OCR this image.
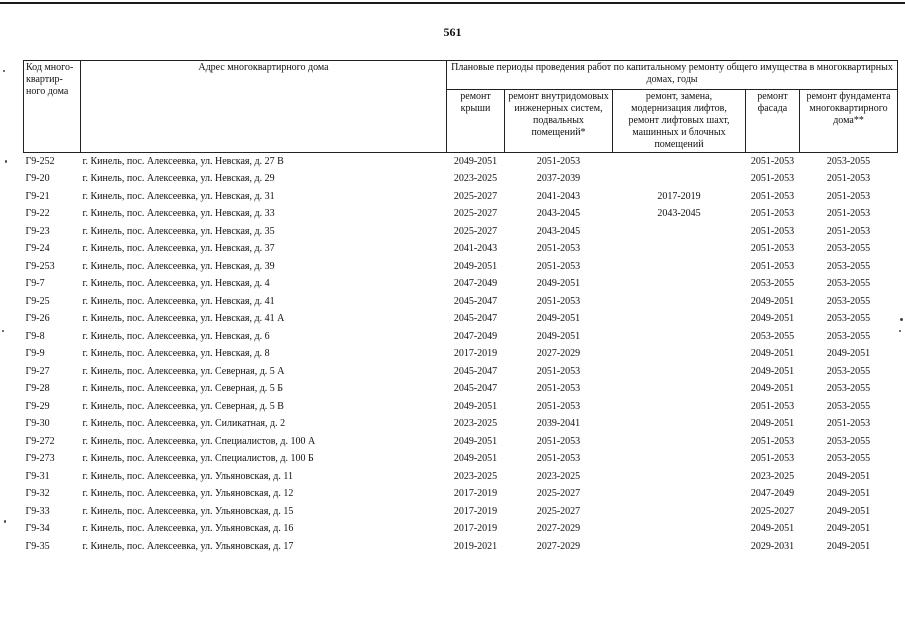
561
Код много-квартир-ного дома	Адрес многоквартирного дома	Плановые периоды проведения работ по капитальному ремонту общего имущества в многоквартирных домах, годы				
		ремонт крыши	ремонт внутридомовых инженерных систем, подвальных помещений*	ремонт, замена, модернизация лифтов, ремонт лифтовых шахт, машинных и блочных помещений	ремонт фасада	ремонт фундамента многоквартирного дома**
Г9-252	г. Кинель, пос. Алексеевка, ул. Невская, д. 27 В	2049-2051	2051-2053		2051-2053	2053-2055
Г9-20	г. Кинель, пос. Алексеевка, ул. Невская, д. 29	2023-2025	2037-2039		2051-2053	2051-2053
Г9-21	г. Кинель, пос. Алексеевка, ул. Невская, д. 31	2025-2027	2041-2043	2017-2019	2051-2053	2051-2053
Г9-22	г. Кинель, пос. Алексеевка, ул. Невская, д. 33	2025-2027	2043-2045	2043-2045	2051-2053	2051-2053
Г9-23	г. Кинель, пос. Алексеевка, ул. Невская, д. 35	2025-2027	2043-2045		2051-2053	2051-2053
Г9-24	г. Кинель, пос. Алексеевка, ул. Невская, д. 37	2041-2043	2051-2053		2051-2053	2053-2055
Г9-253	г. Кинель, пос. Алексеевка, ул. Невская, д. 39	2049-2051	2051-2053		2051-2053	2053-2055
Г9-7	г. Кинель, пос. Алексеевка, ул. Невская, д. 4	2047-2049	2049-2051		2053-2055	2053-2055
Г9-25	г. Кинель, пос. Алексеевка, ул. Невская, д. 41	2045-2047	2051-2053		2049-2051	2053-2055
Г9-26	г. Кинель, пос. Алексеевка, ул. Невская, д. 41 А	2045-2047	2049-2051		2049-2051	2053-2055
Г9-8	г. Кинель, пос. Алексеевка, ул. Невская, д. 6	2047-2049	2049-2051		2053-2055	2053-2055
Г9-9	г. Кинель, пос. Алексеевка, ул. Невская, д. 8	2017-2019	2027-2029		2049-2051	2049-2051
Г9-27	г. Кинель, пос. Алексеевка, ул. Северная, д. 5 А	2045-2047	2051-2053		2049-2051	2053-2055
Г9-28	г. Кинель, пос. Алексеевка, ул. Северная, д. 5 Б	2045-2047	2051-2053		2049-2051	2053-2055
Г9-29	г. Кинель, пос. Алексеевка, ул. Северная, д. 5 В	2049-2051	2051-2053		2051-2053	2053-2055
Г9-30	г. Кинель, пос. Алексеевка, ул. Силикатная, д. 2	2023-2025	2039-2041		2049-2051	2051-2053
Г9-272	г. Кинель, пос. Алексеевка, ул. Специалистов, д. 100 А	2049-2051	2051-2053		2051-2053	2053-2055
Г9-273	г. Кинель, пос. Алексеевка, ул. Специалистов, д. 100 Б	2049-2051	2051-2053		2051-2053	2053-2055
Г9-31	г. Кинель, пос. Алексеевка, ул. Ульяновская, д. 11	2023-2025	2023-2025		2023-2025	2049-2051
Г9-32	г. Кинель, пос. Алексеевка, ул. Ульяновская, д. 12	2017-2019	2025-2027		2047-2049	2049-2051
Г9-33	г. Кинель, пос. Алексеевка, ул. Ульяновская, д. 15	2017-2019	2025-2027		2025-2027	2049-2051
Г9-34	г. Кинель, пос. Алексеевка, ул. Ульяновская, д. 16	2017-2019	2027-2029		2049-2051	2049-2051
Г9-35	г. Кинель, пос. Алексеевка, ул. Ульяновская, д. 17	2019-2021	2027-2029		2029-2031	2049-2051
